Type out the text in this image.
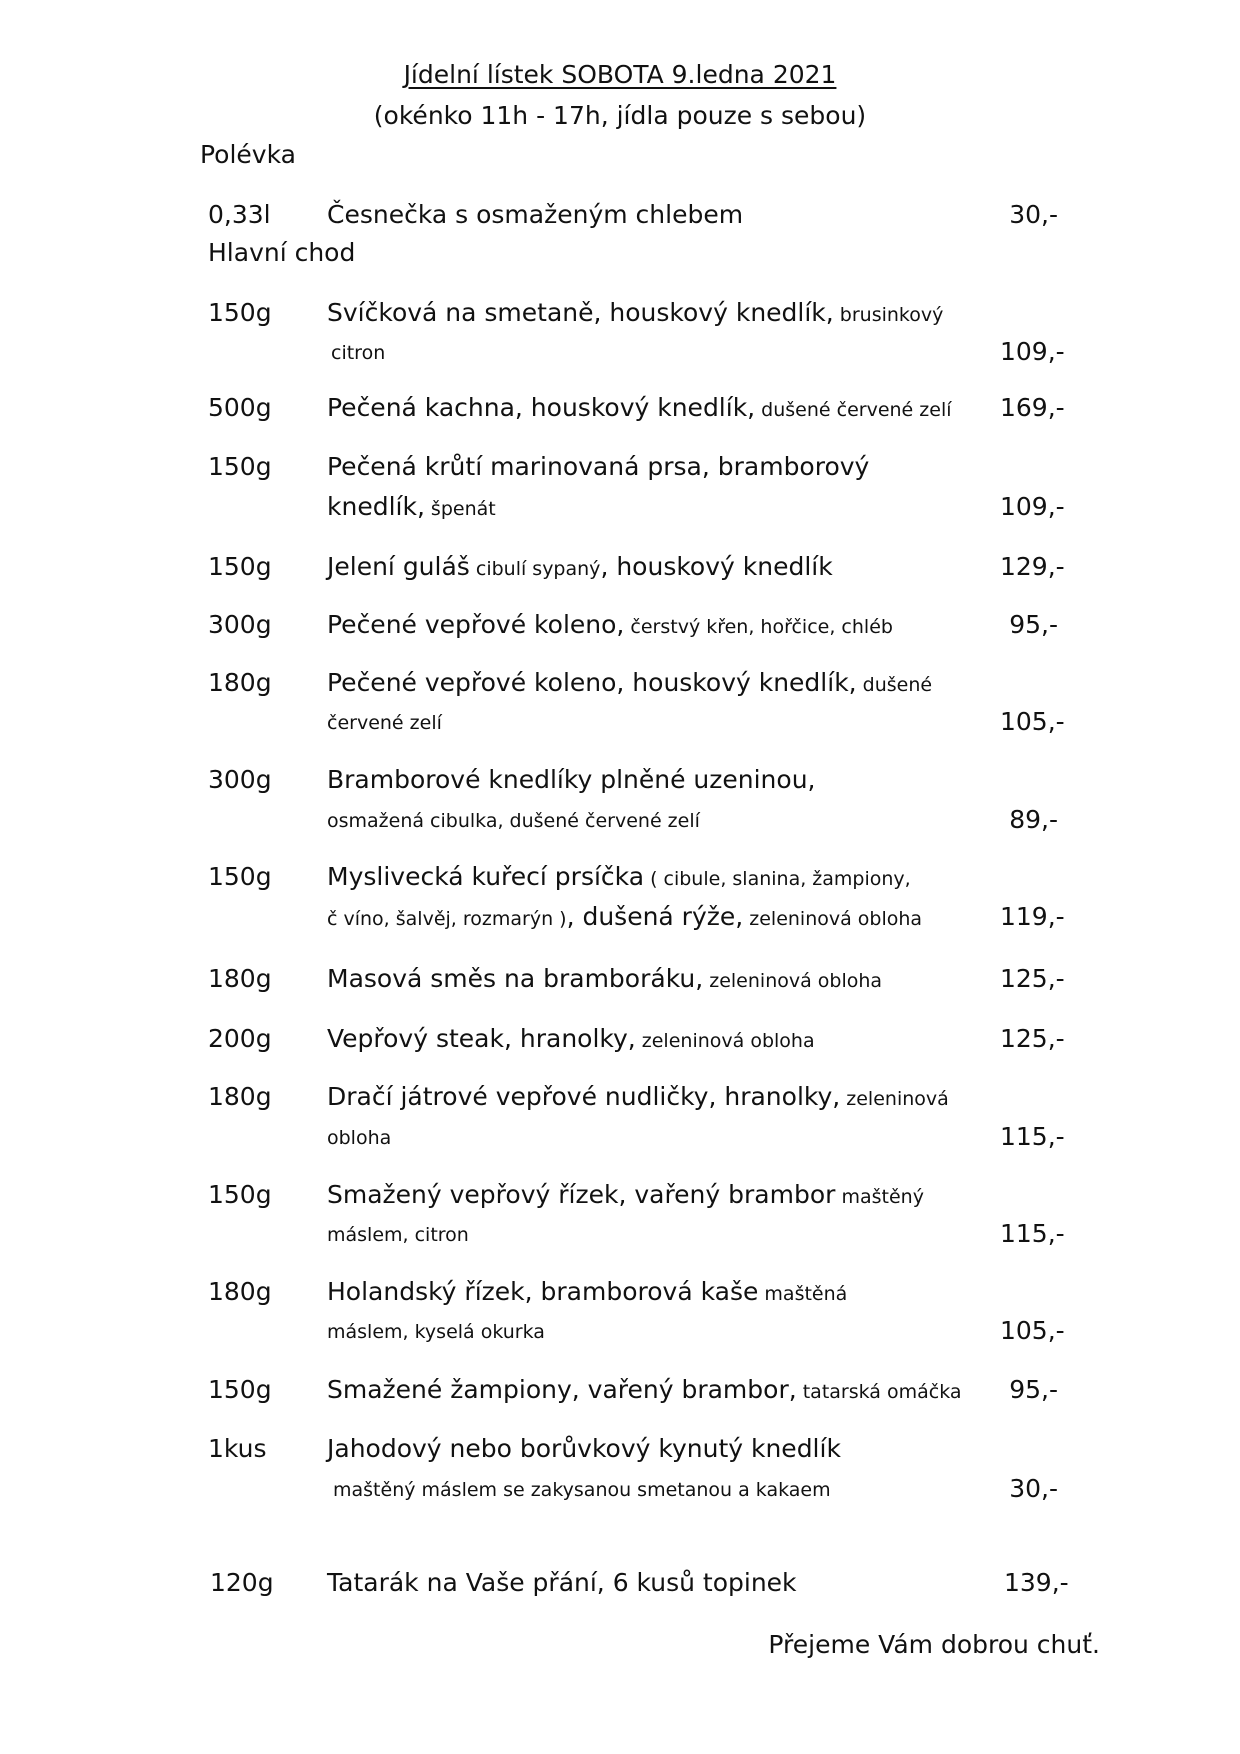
Jídelní lístek SOBOTA 9.ledna 2021
(okénko 11h - 17h, jídla pouze s sebou)
Polévka
0,33l Česnečka s osmaženým chlebem	30,-
Hlavní chod
150g Svíčková na smetaně, houskový knedlík, brusinkový
citron	109,-
500g Pečená kachna, houskový knedlík, dušené červené zelí 169,-
150g Pečená krůtí marinovaná prsa, bramborový
knedlík, špenát	109,-
150g Jelení guláš cibulí sypaný, houskový knedlík	129,-
300g Pečené vepřové koleno, čerstvý křen, hořčice, chléb	95,-
180g Pečené vepřové koleno, houskový knedlík, dušené
červené zelí	105,-
300g Bramborové knedlíky plněné uzeninou,
osmažená cibulka, dušené červené zelí	89,-
150g Myslivecká kuřecí prsíčka ( cibule, slanina, žampiony,
č víno, šalvěj, rozmarýn ), dušená rýže, zeleninová obloha	119,-
180g Masová směs na bramboráku, zeleninová obloha	125,-
200g Vepřový steak, hranolky, zeleninová obloha	125,-
180g Dračí játrové vepřové nudličky, hranolky, zeleninová
obloha	115,-
150g Smažený vepřový řízek, vařený brambor maštěný
máslem, citron	115,-
180g Holandský řízek, bramborová kaše maštěná
máslem, kyselá okurka	105,-
150g Smažené žampiony, vařený brambor, tatarská omáčka	95,-
1kus Jahodový nebo borůvkový kynutý knedlík
maštěný máslem se zakysanou smetanou a kakaem	30,-
120g Tatarák na Vaše přání, 6 kusů topinek	139,-
Přejeme Vám dobrou chuť.
